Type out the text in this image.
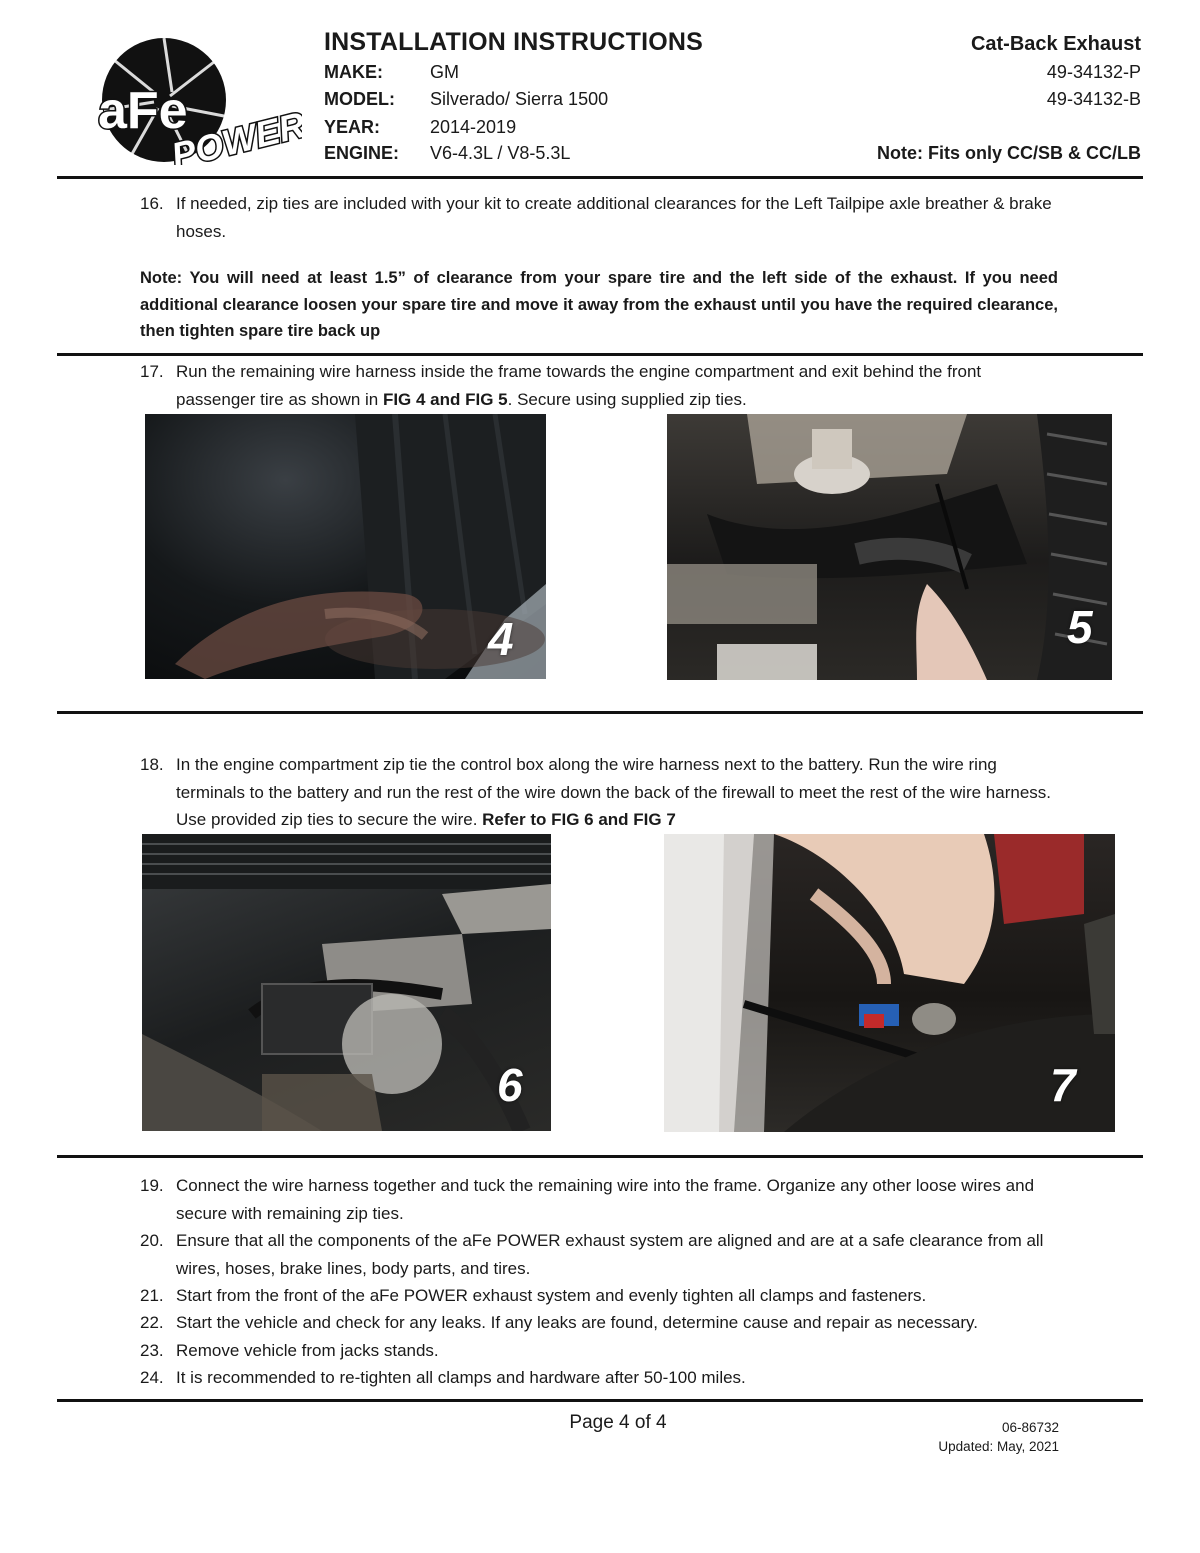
aFe
POWER
INSTALLATION INSTRUCTIONS
MAKE:	GM
MODEL: Silverado/ Sierra 1500
YEAR:	2014-2019
ENGINE: V6-4.3L / V8-5.3L
Cat-Back Exhaust
49-34132-P
49-34132-B
Note: Fits only CC/SB & CC/LB
16. If needed, zip ties are included with your kit to create additional clearances for the Left Tailpipe axle breather & brake hoses.
Note: You will need at least 1.5” of clearance from your spare tire and the left side of the exhaust. If you need additional clearance loosen your spare tire and move it away from the exhaust until you have the required clearance, then tighten spare tire back up
17. Run the remaining wire harness inside the frame towards the engine compartment and exit behind the front passenger tire as shown in FIG 4 and FIG 5. Secure using supplied zip ties.
4	5
18. In the engine compartment zip tie the control box along the wire harness next to the battery. Run the wire ring terminals to the battery and run the rest of the wire down the back of the firewall to meet the rest of the wire harness. Use provided zip ties to secure the wire. Refer to FIG 6 and FIG 7
6	7
19. Connect the wire harness together and tuck the remaining wire into the frame. Organize any other loose wires and secure with remaining zip ties.
20. Ensure that all the components of the aFe POWER exhaust system are aligned and are at a safe clearance from all wires, hoses, brake lines, body parts, and tires.
21. Start from the front of the aFe POWER exhaust system and evenly tighten all clamps and fasteners.
22. Start the vehicle and check for any leaks. If any leaks are found, determine cause and repair as necessary.
23. Remove vehicle from jacks stands.
24. It is recommended to re-tighten all clamps and hardware after 50-100 miles.
Page 4 of 4	06-86732
Updated: May, 2021
